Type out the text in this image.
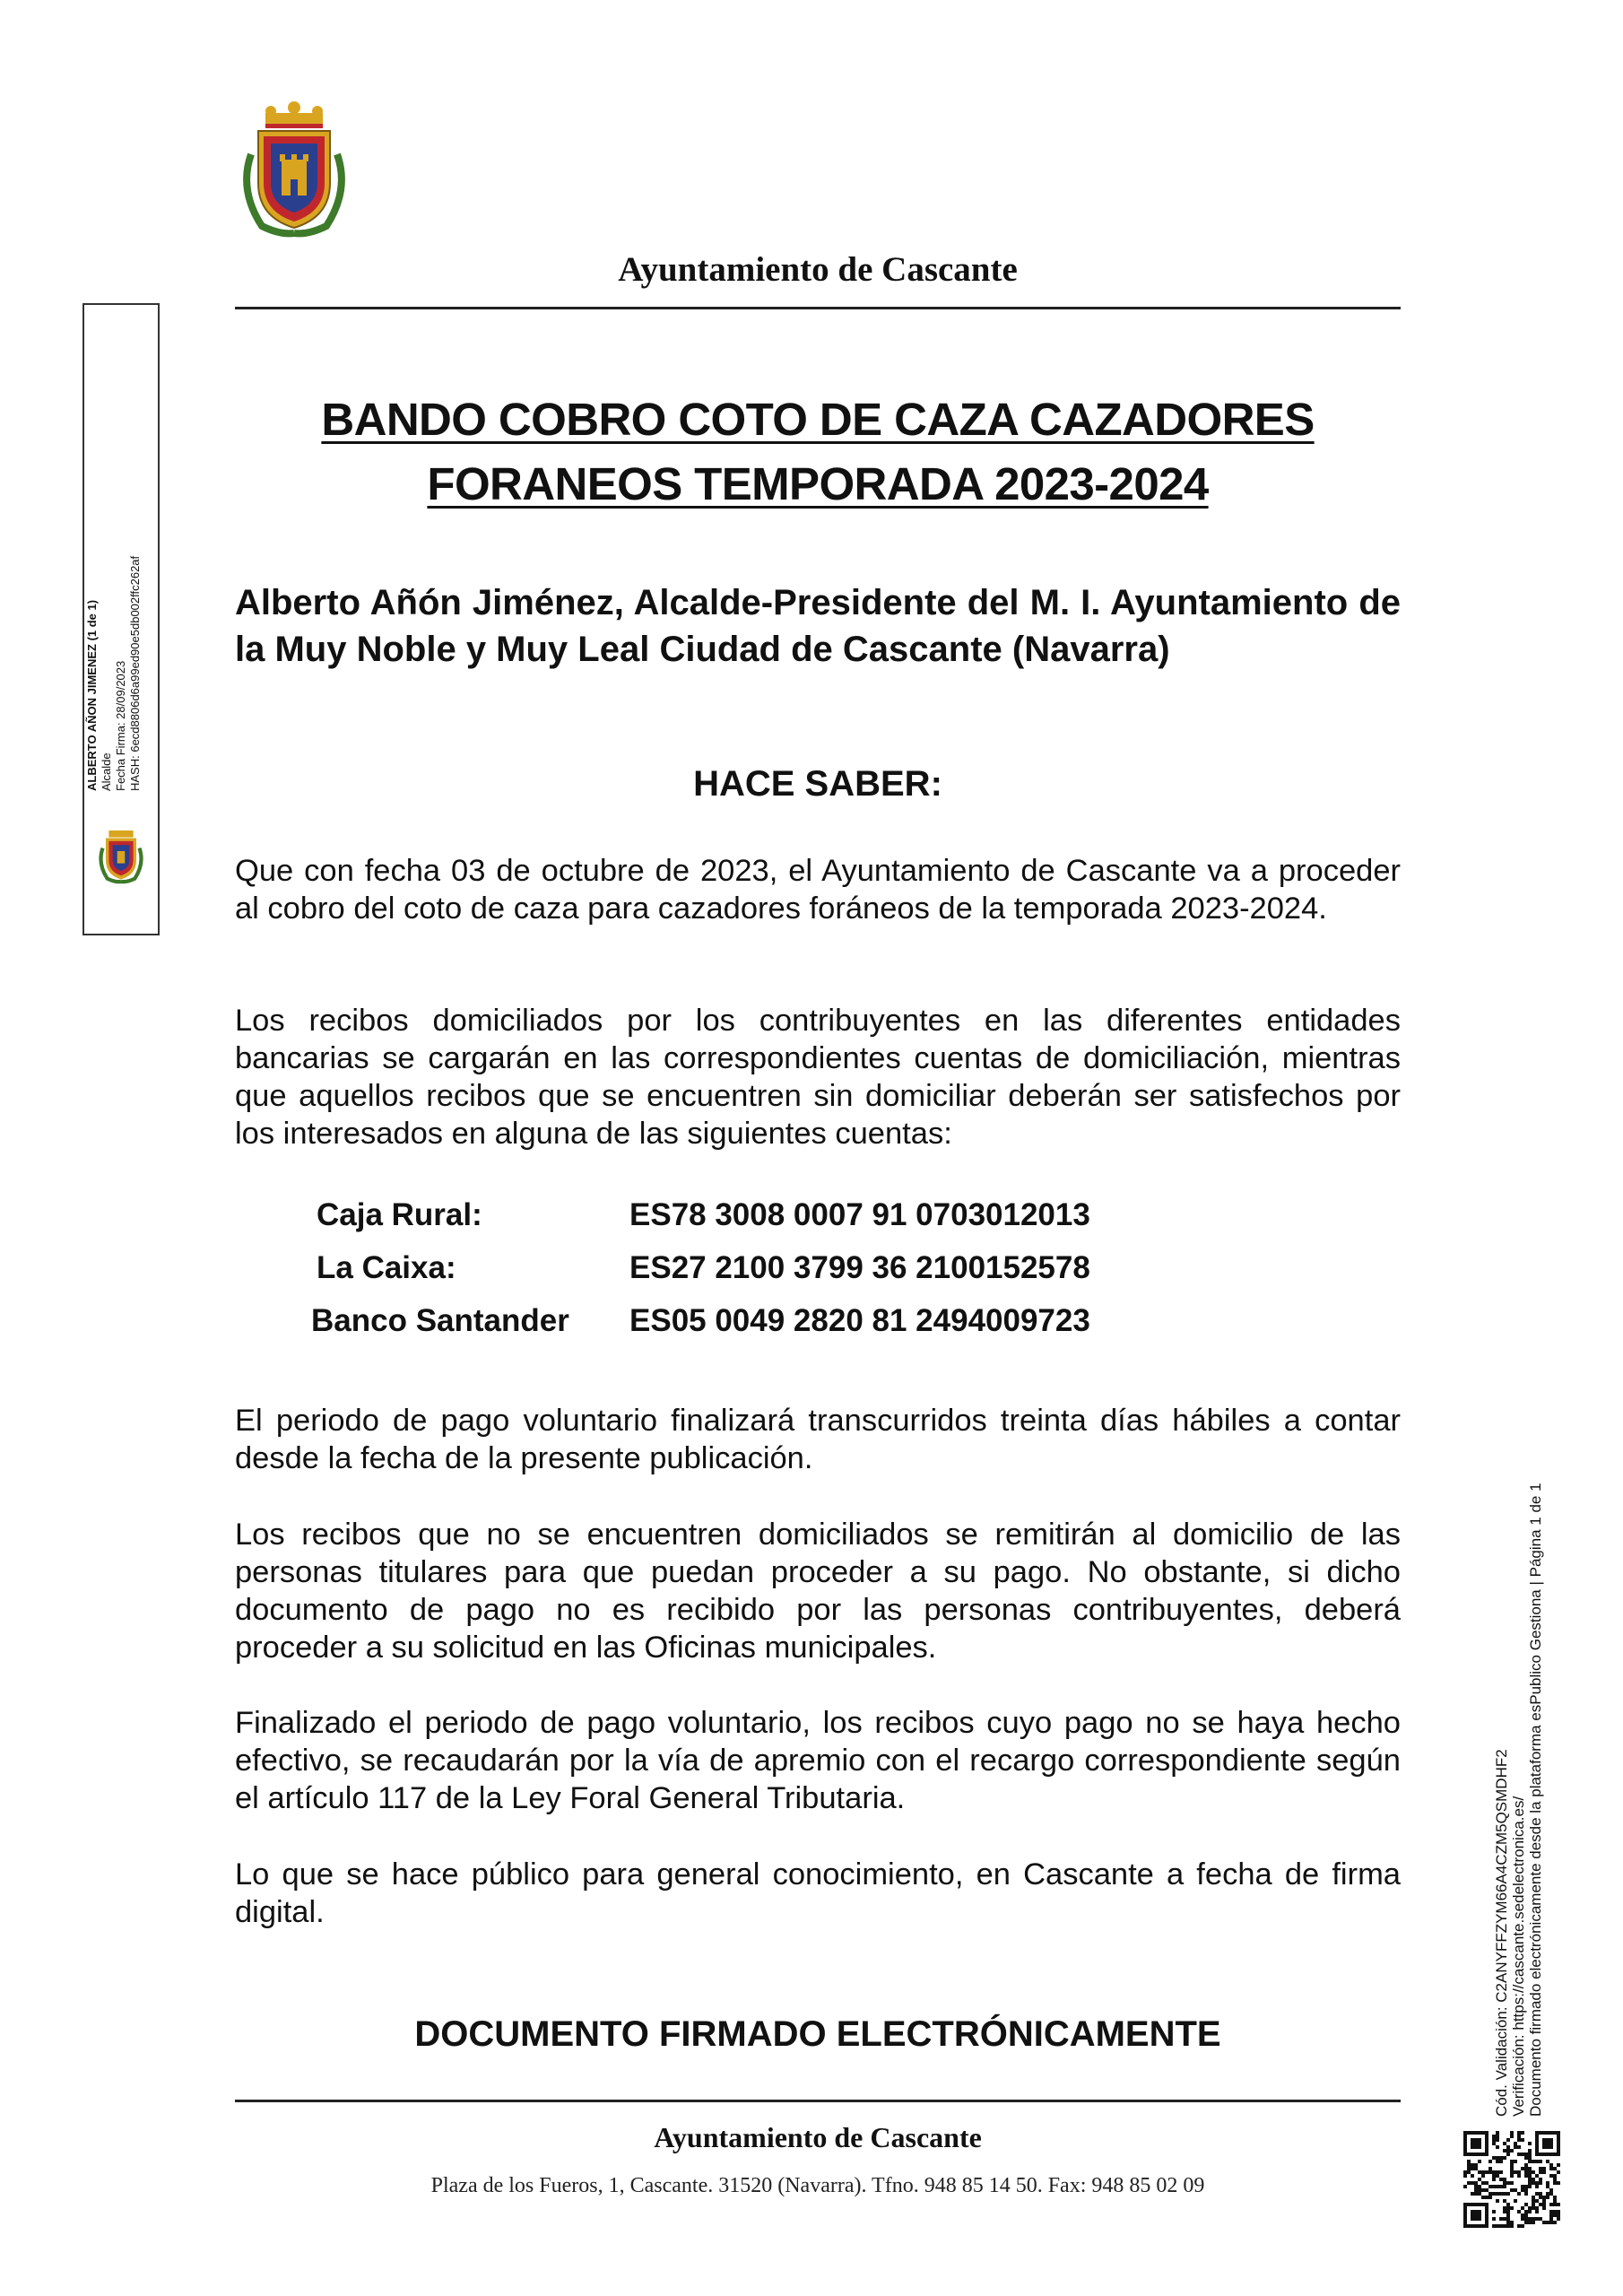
Ayuntamiento de Cascante
BANDO COBRO COTO DE CAZA CAZADORES
FORANEOS TEMPORADA 2023-2024
Alberto Añón Jiménez, Alcalde-Presidente del M. I. Ayuntamiento de la Muy Noble y Muy Leal Ciudad de Cascante (Navarra)
HACE SABER:
Que con fecha 03 de octubre de 2023, el Ayuntamiento de Cascante va a proceder al cobro del coto de caza para cazadores foráneos de la temporada 2023-2024.
Los recibos domiciliados por los contribuyentes en las diferentes entidades bancarias se cargarán en las correspondientes cuentas de domiciliación, mientras que aquellos recibos que se encuentren sin domiciliar deberán ser satisfechos por los interesados en alguna de las siguientes cuentas:
Caja Rural:	ES78 3008 0007 91 0703012013
La Caixa:	ES27 2100 3799 36 2100152578
Banco Santander ES05 0049 2820 81 2494009723
El periodo de pago voluntario finalizará transcurridos treinta días hábiles a contar desde la fecha de la presente publicación.
Los recibos que no se encuentren domiciliados se remitirán al domicilio de las personas titulares para que puedan proceder a su pago. No obstante, si dicho documento de pago no es recibido por las personas contribuyentes, deberá proceder a su solicitud en las Oficinas municipales.
Finalizado el periodo de pago voluntario, los recibos cuyo pago no se haya hecho efectivo, se recaudarán por la vía de apremio con el recargo correspondiente según el artículo 117 de la Ley Foral General Tributaria.
Lo que se hace público para general conocimiento, en Cascante a fecha de firma digital.
DOCUMENTO FIRMADO ELECTRÓNICAMENTE
Ayuntamiento de Cascante
Plaza de los Fueros, 1, Cascante. 31520 (Navarra). Tfno. 948 85 14 50. Fax: 948 85 02 09
ALBERTO AÑON JIMENEZ (1 de 1) Alcalde Fecha Firma: 28/09/2023 HASH: 6ecd8806d6a99ed90e5db002ffc262af
Cód. Validación: C2ANYFFZYM66A4CZM5QSMDHF2 Verificación: https://cascante.sedelectronica.es/ Documento firmado electrónicamente desde la plataforma esPublico Gestiona | Página 1 de 1
